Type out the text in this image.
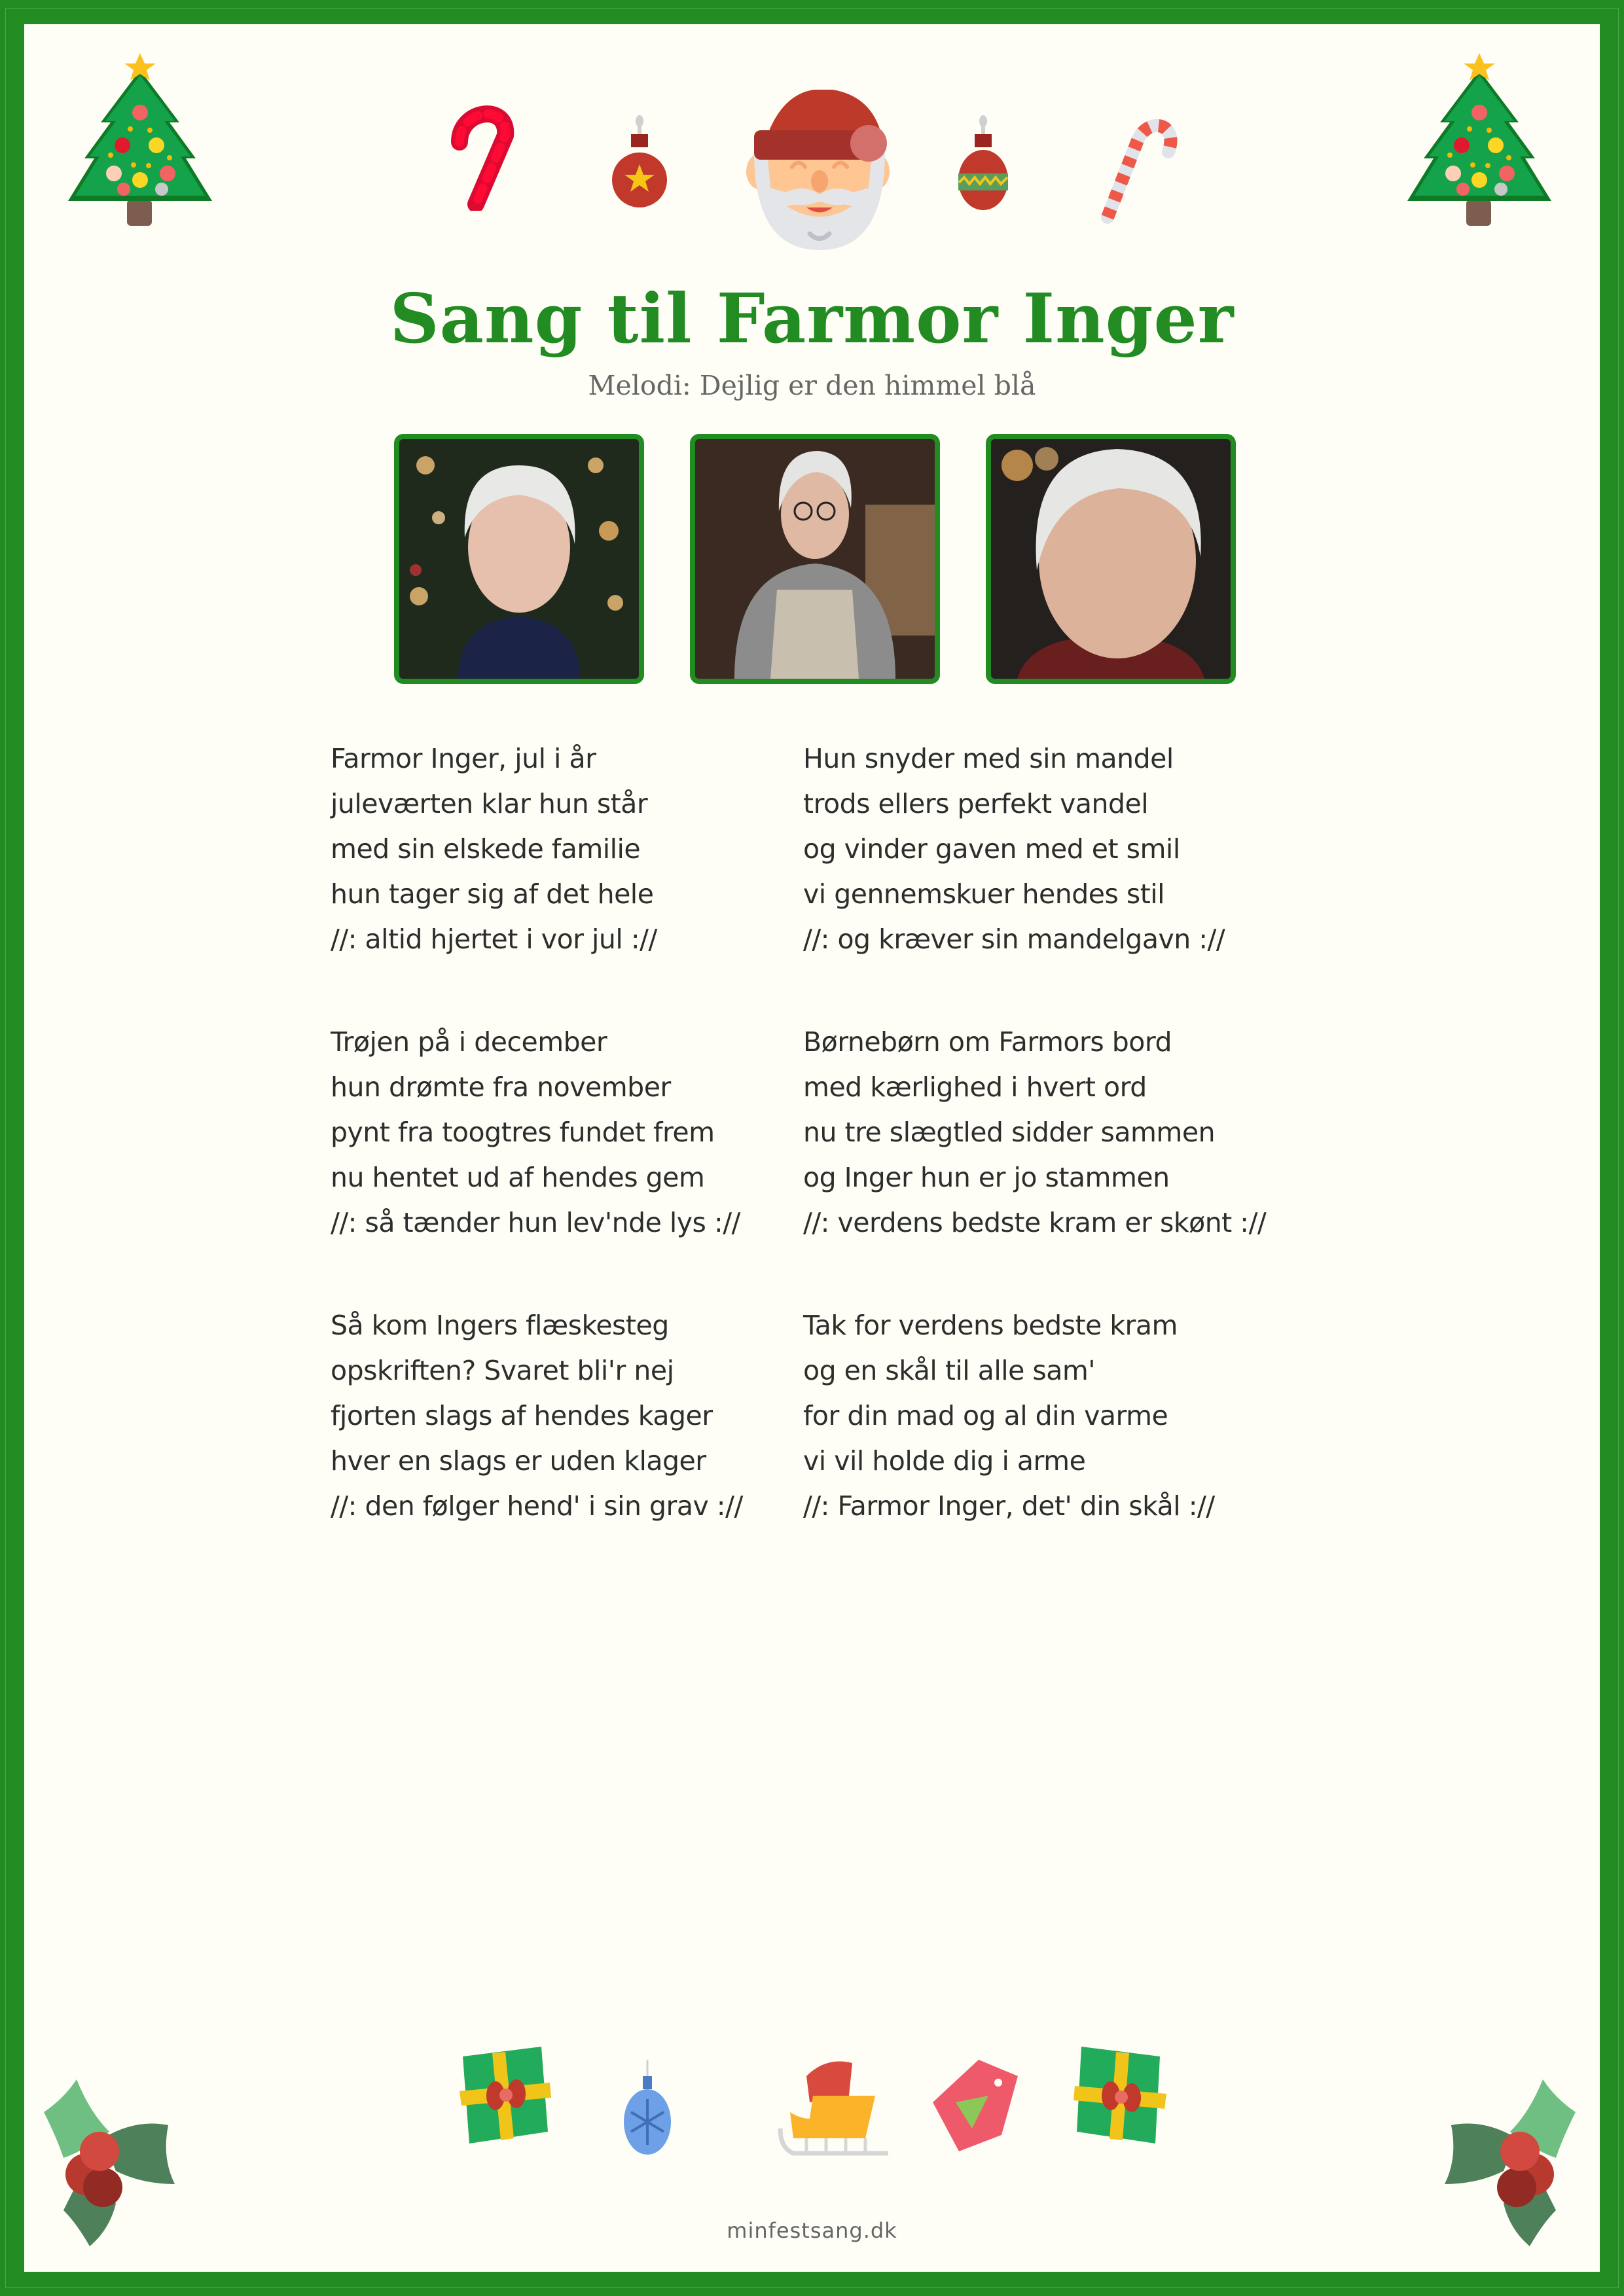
Sang til Farmor Inger
Melodi: Dejlig er den himmel blå
Farmor Inger, jul i år
juleværten klar hun står
med sin elskede familie
hun tager sig af det hele
//: altid hjertet i vor jul ://
Hun snyder med sin mandel
trods ellers perfekt vandel
og vinder gaven med et smil
vi gennemskuer hendes stil
//: og kræver sin mandelgavn ://
Trøjen på i december
hun drømte fra november
pynt fra toogtres fundet frem
nu hentet ud af hendes gem
//: så tænder hun lev'nde lys ://
Børnebørn om Farmors bord
med kærlighed i hvert ord
nu tre slægtled sidder sammen
og Inger hun er jo stammen
//: verdens bedste kram er skønt ://
Så kom Ingers flæskesteg
opskriften? Svaret bli'r nej
fjorten slags af hendes kager
hver en slags er uden klager
//: den følger hend' i sin grav ://
Tak for verdens bedste kram
og en skål til alle sam'
for din mad og al din varme
vi vil holde dig i arme
//: Farmor Inger, det' din skål ://
minfestsang.dk
